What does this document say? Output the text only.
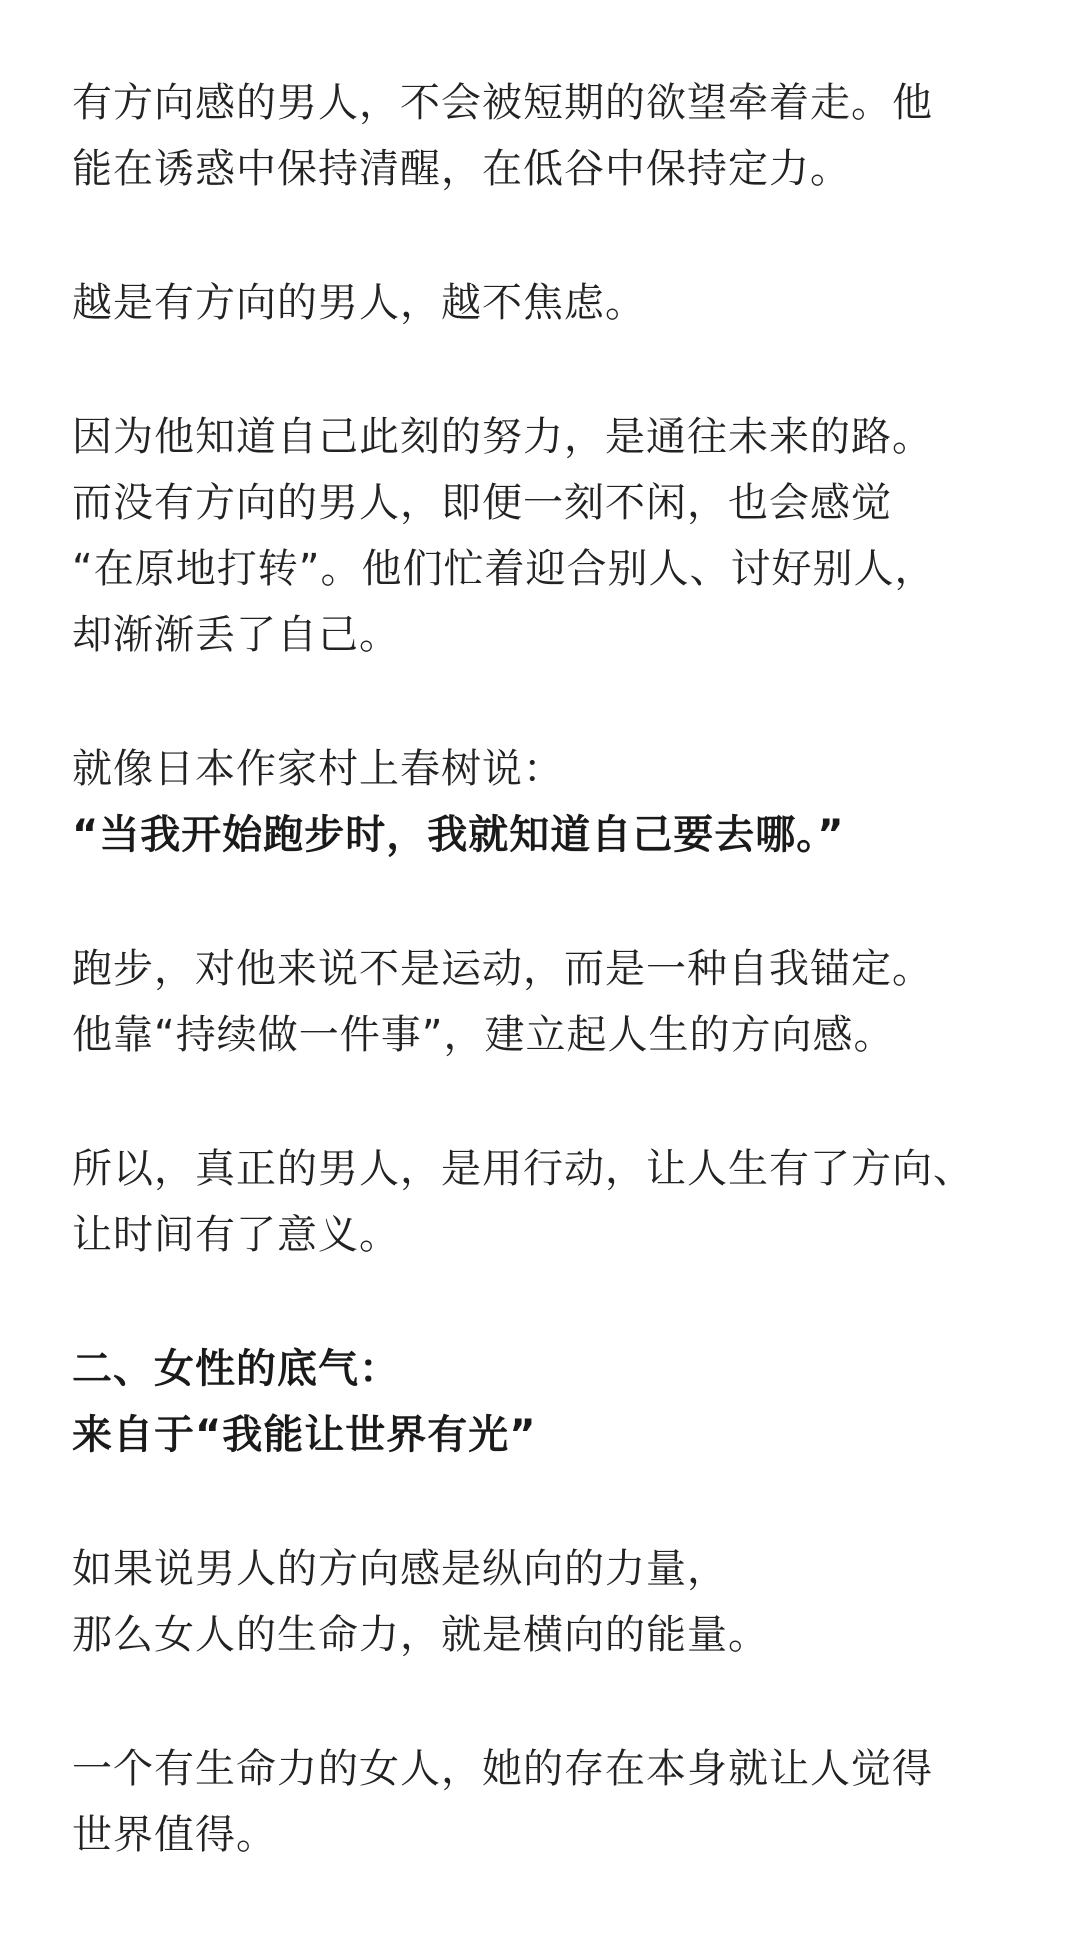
有方向感的男人，不会被短期的欲望牵着走。他
能在诱惑中保持清醒，在低谷中保持定力。
越是有方向的男人，越不焦虑。
因为他知道自己此刻的努力，是通往未来的路。
而没有方向的男人，即便一刻不闲，也会感觉
“在原地打转”。他们忙着迎合别人、讨好别人，
却渐渐丢了自己。
就像日本作家村上春树说：
“当我开始跑步时，我就知道自己要去哪。”
跑步，对他来说不是运动，而是一种自我锚定。
他靠“持续做一件事”，建立起人生的方向感。
所以，真正的男人，是用行动，让人生有了方向、
让时间有了意义。
二、女性的底气：
来自于“我能让世界有光”
如果说男人的方向感是纵向的力量，
那么女人的生命力，就是横向的能量。
一个有生命力的女人，她的存在本身就让人觉得
世界值得。
